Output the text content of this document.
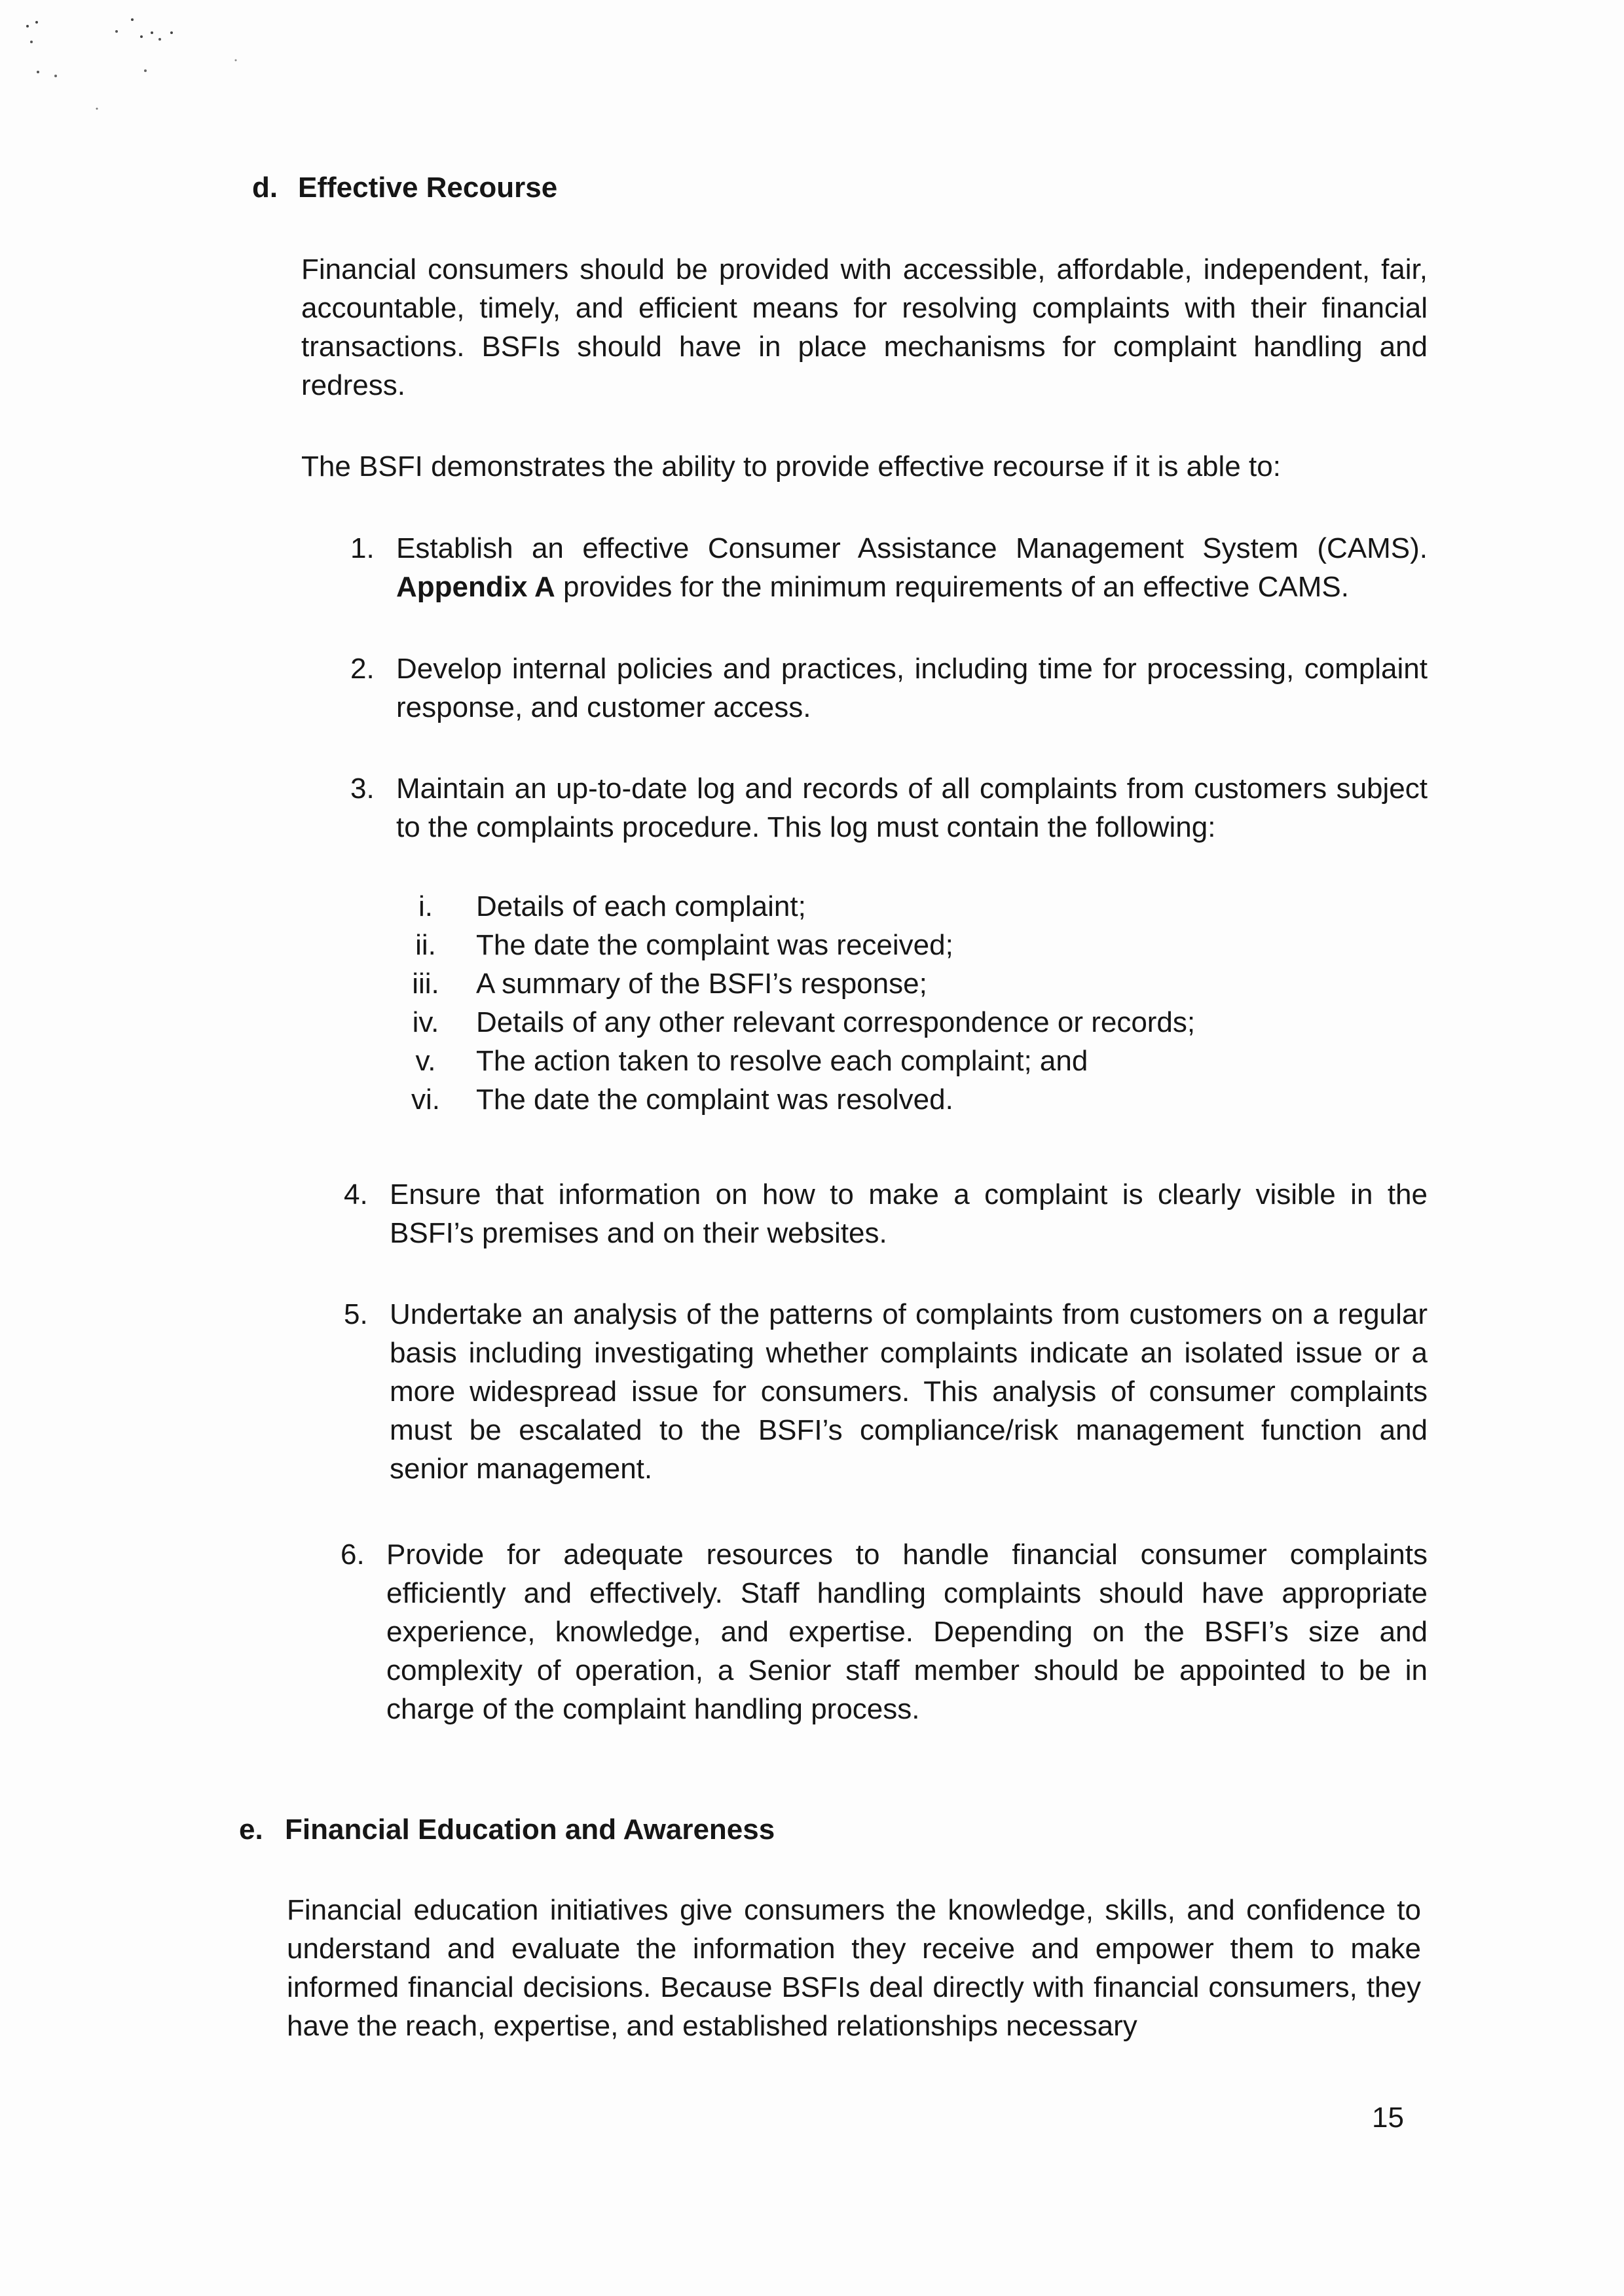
d. Effective Recourse
Financial consumers should be provided with accessible, affordable, independent, fair, accountable, timely, and efficient means for resolving complaints with their financial transactions. BSFIs should have in place mechanisms for complaint handling and redress.
The BSFI demonstrates the ability to provide effective recourse if it is able to:
1. Establish an effective Consumer Assistance Management System (CAMS). Appendix A provides for the minimum requirements of an effective CAMS.
2. Develop internal policies and practices, including time for processing, complaint response, and customer access.
3. Maintain an up-to-date log and records of all complaints from customers subject to the complaints procedure. This log must contain the following:
i.	Details of each complaint;
ii.	The date the complaint was received;
iii.	A summary of the BSFI’s response;
iv.	Details of any other relevant correspondence or records;
v.	The action taken to resolve each complaint; and
vi.	The date the complaint was resolved.
4. Ensure that information on how to make a complaint is clearly visible in the BSFI’s premises and on their websites.
5. Undertake an analysis of the patterns of complaints from customers on a regular basis including investigating whether complaints indicate an isolated issue or a more widespread issue for consumers. This analysis of consumer complaints must be escalated to the BSFI’s compliance/risk management function and senior management.
6. Provide for adequate resources to handle financial consumer complaints efficiently and effectively. Staff handling complaints should have appropriate experience, knowledge, and expertise. Depending on the BSFI’s size and complexity of operation, a Senior staff member should be appointed to be in charge of the complaint handling process.
e. Financial Education and Awareness
Financial education initiatives give consumers the knowledge, skills, and confidence to understand and evaluate the information they receive and empower them to make informed financial decisions. Because BSFIs deal directly with financial consumers, they have the reach, expertise, and established relationships necessary
15
